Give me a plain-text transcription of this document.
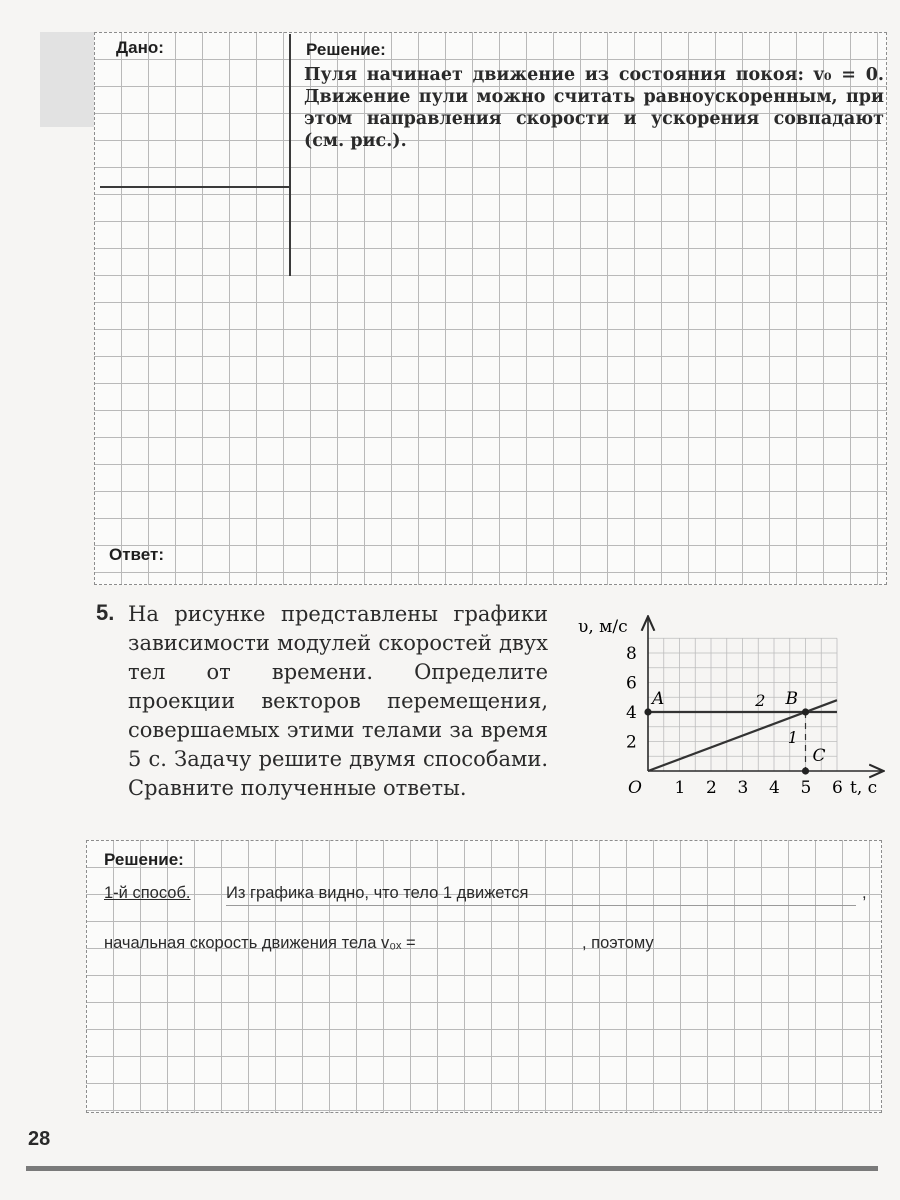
Дано:	Решение:
Пуля начинает движение из состояния покоя: v₀ = 0. Движение пули можно считать равноускоренным, при этом направления скорости и ускорения совпадают (см. рис.).
Ответ:
5. На рисунке представлены графики зависимости модулей скоростей двух тел от времени. Определите проекции векторов перемещения, совершаемых этими телами за время 5 с. Задачу решите двумя способами. Сравните полученные ответы.	1 2 3 4 5 6
2
4
6
8
2
1
A	B
C
υ, м/с
t, с
O
Решение:
1-й способ. Из графика видно, что тело 1 движется	,
начальная скорость движения тела v₀ₓ =	, поэтому
28
